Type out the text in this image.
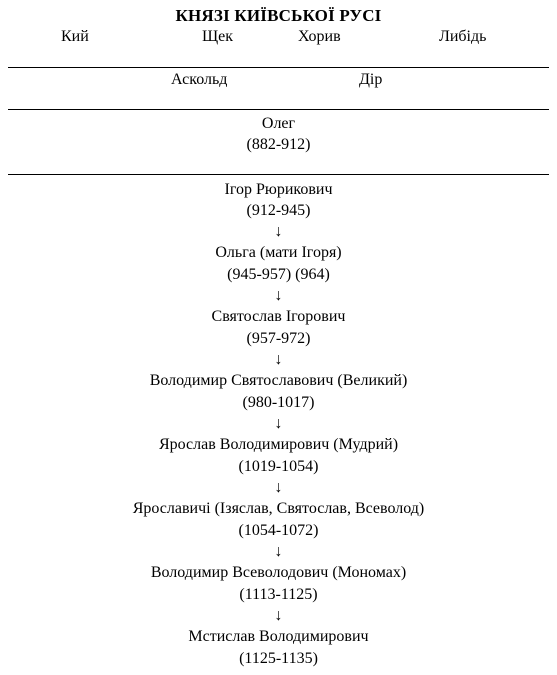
КНЯЗІ КИЇВСЬКОЇ РУСІ
Кий	Щек	Хорив	Либідь
Аскольд	Дір
Олег
(882-912)
Ігор Рюрикович
(912-945)
↓
Ольга (мати Ігоря)
(945-957) (964)
↓
Святослав Ігорович
(957-972)
↓
Володимир Святославович (Великий)
(980-1017)
↓
Ярослав Володимирович (Мудрий)
(1019-1054)
↓
Ярославичі (Ізяслав, Святослав, Всеволод)
(1054-1072)
↓
Володимир Всеволодович (Мономах)
(1113-1125)
↓
Мстислав Володимирович
(1125-1135)
